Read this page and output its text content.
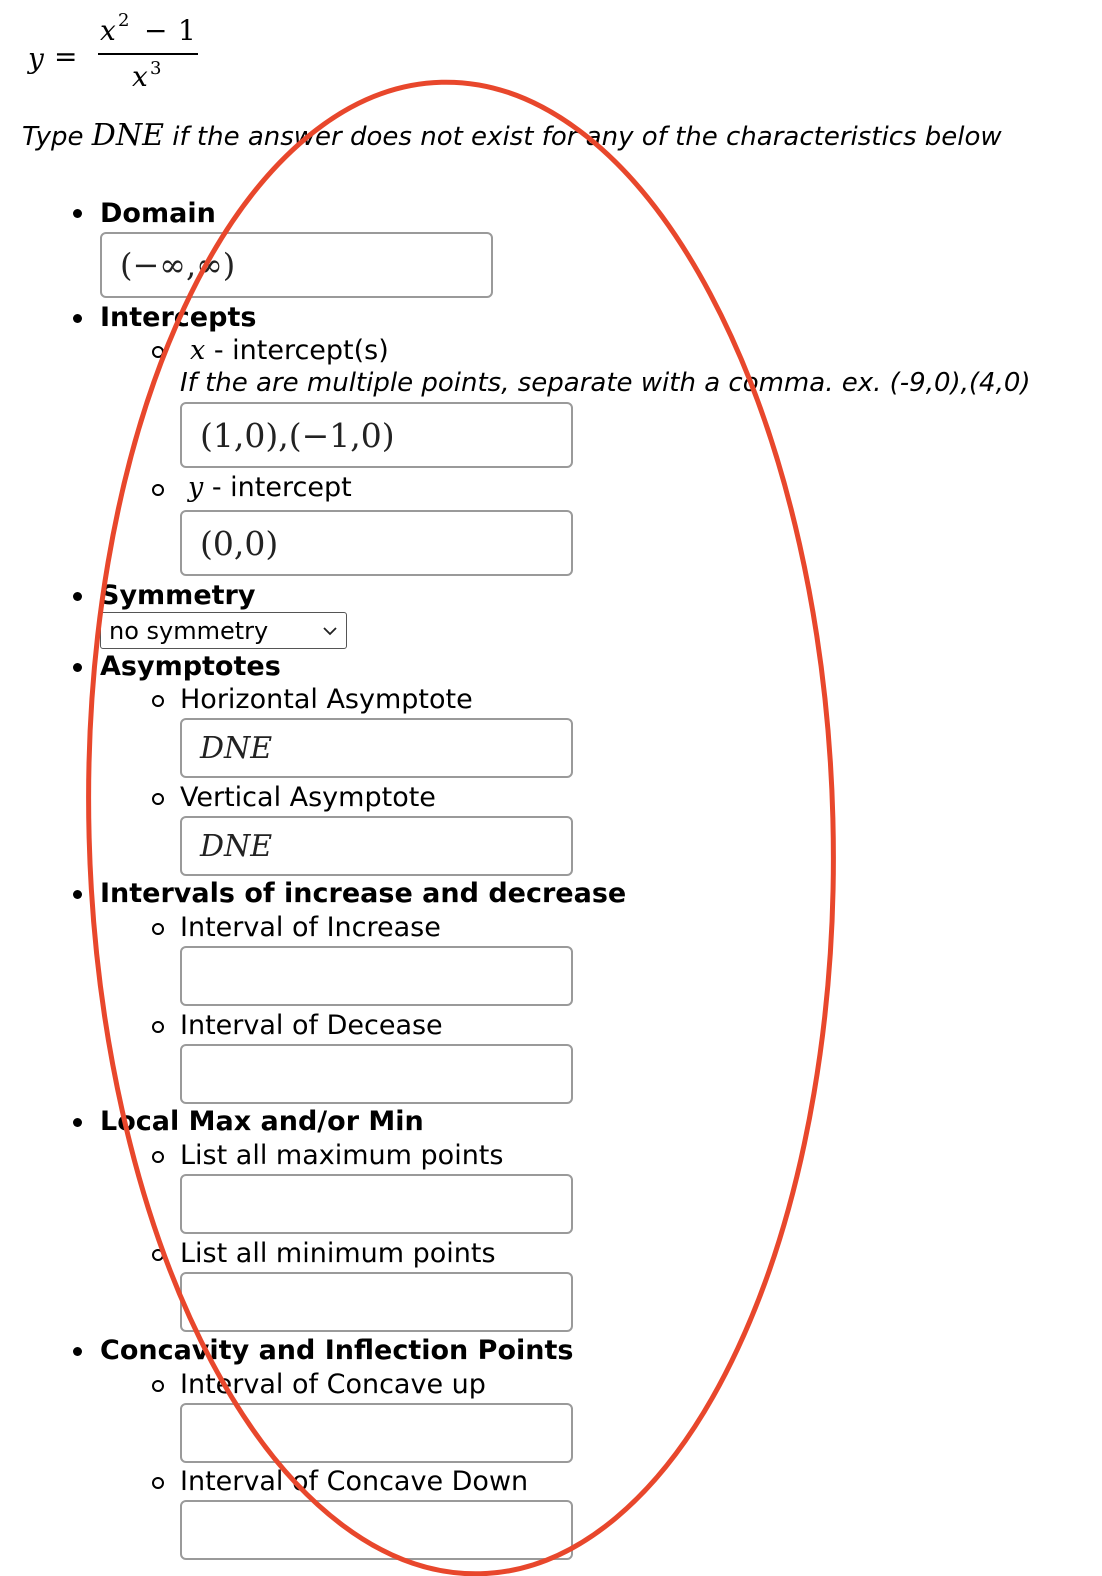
y =
x 2 − 1
x 3
Type DNE if the answer does not exist for any of the characteristics below
Domain
(−∞,∞)
Intercepts
x - intercept(s)
If the are multiple points, separate with a comma. ex. (-9,0),(4,0)
(1,0),(−1,0)
y - intercept
(0,0)
Symmetry
no symmetry
Asymptotes
Horizontal Asymptote
DNE
Vertical Asymptote
DNE
Intervals of increase and decrease
Interval of Increase
Interval of Decease
Local Max and/or Min
List all maximum points
List all minimum points
Concavity and Inflection Points
Interval of Concave up
Interval of Concave Down
